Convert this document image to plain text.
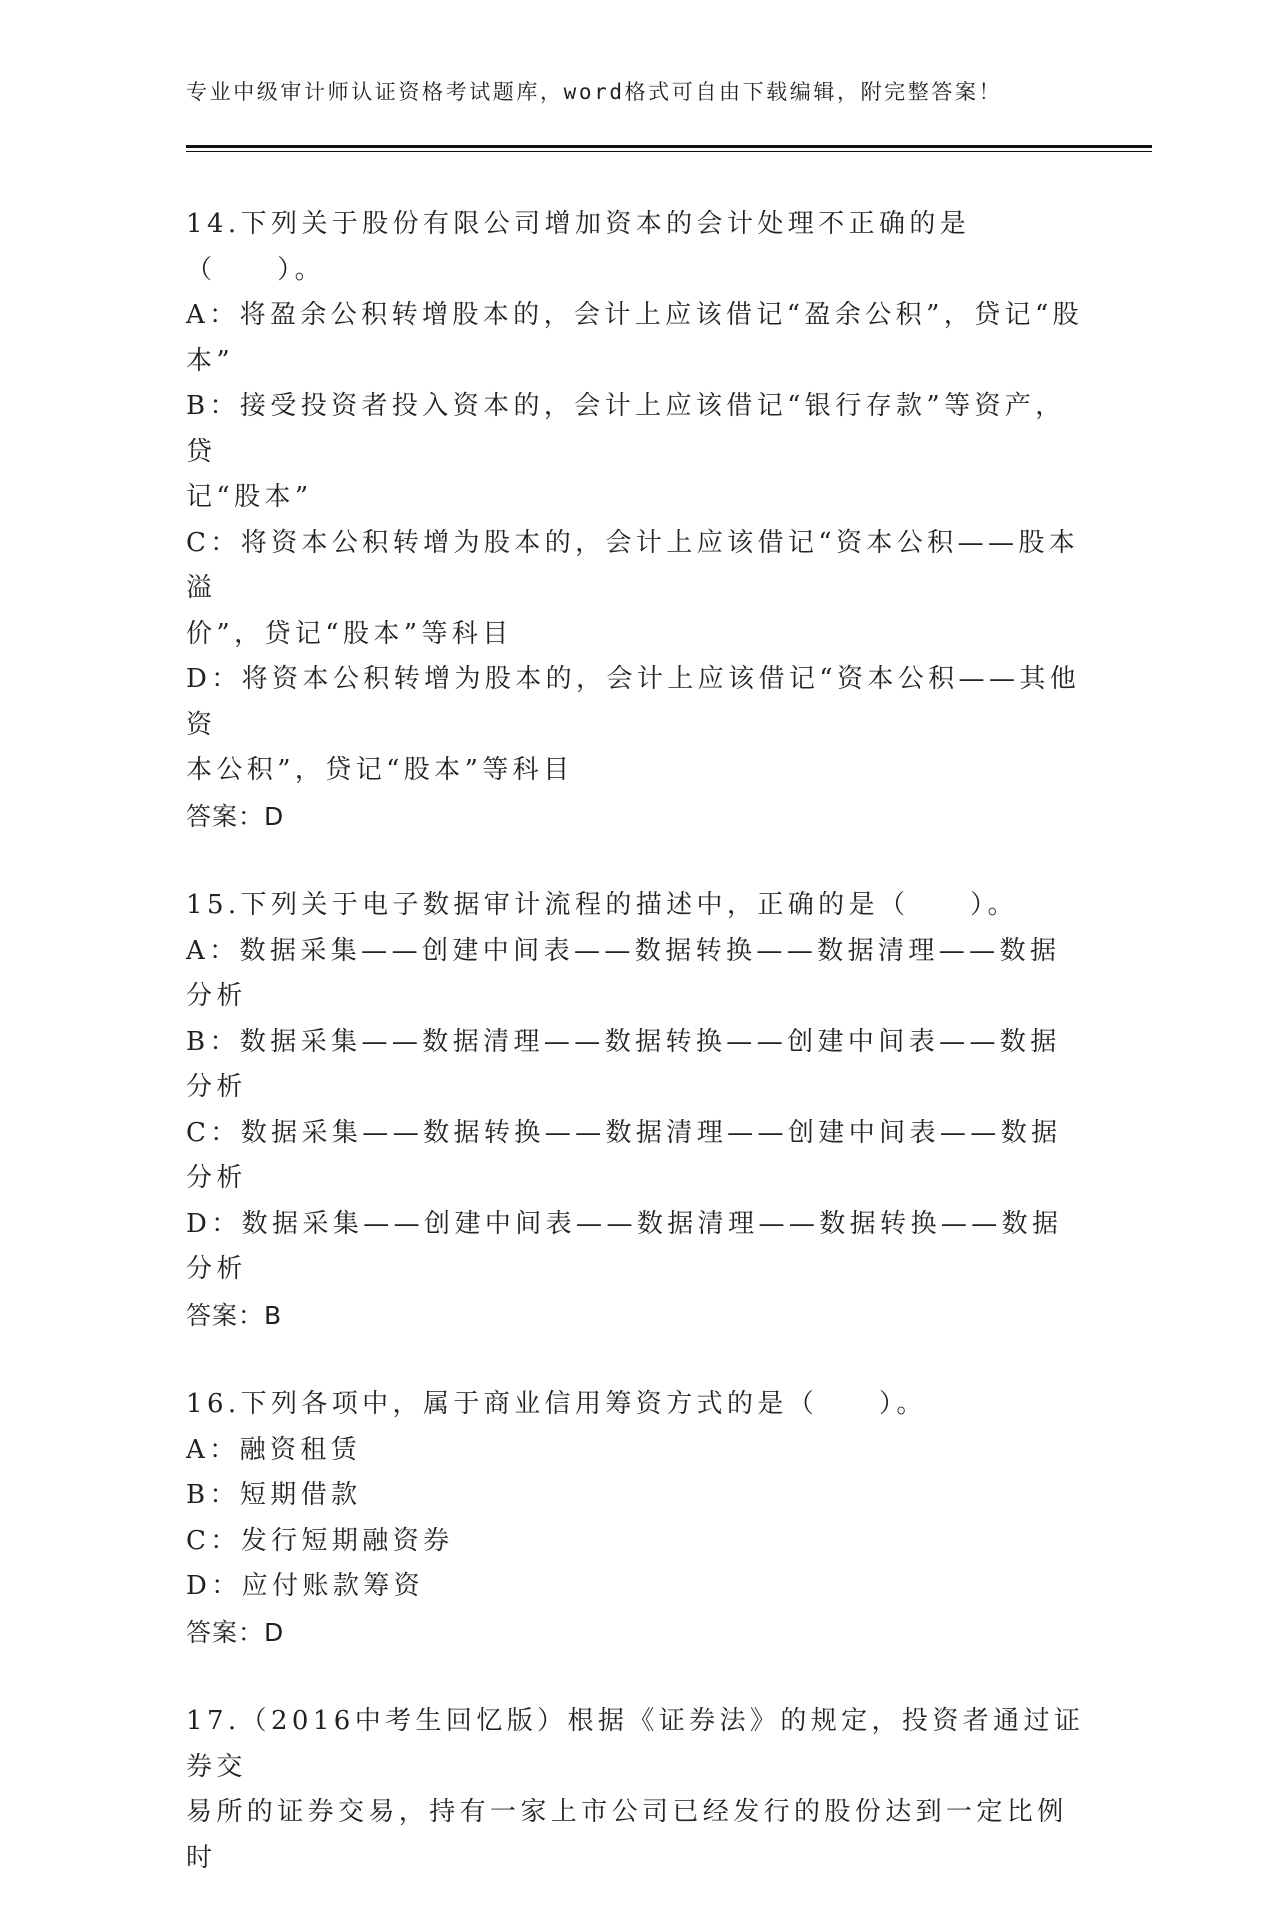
专业中级审计师认证资格考试题库，word格式可自由下载编辑，附完整答案！
14.下列关于股份有限公司增加资本的会计处理不正确的是（　　）。
A：将盈余公积转增股本的，会计上应该借记“盈余公积”，贷记“股
本”
B：接受投资者投入资本的，会计上应该借记“银行存款”等资产，贷
记“股本”
C：将资本公积转增为股本的，会计上应该借记“资本公积——股本溢
价”，贷记“股本”等科目
D：将资本公积转增为股本的，会计上应该借记“资本公积——其他资
本公积”，贷记“股本”等科目
答案：D
15.下列关于电子数据审计流程的描述中，正确的是（　　）。
A：数据采集——创建中间表——数据转换——数据清理——数据分析
B：数据采集——数据清理——数据转换——创建中间表——数据分析
C：数据采集——数据转换——数据清理——创建中间表——数据分析
D：数据采集——创建中间表——数据清理——数据转换——数据分析
答案：B
16.下列各项中，属于商业信用筹资方式的是（　　）。
A：融资租赁
B：短期借款
C：发行短期融资券
D：应付账款筹资
答案：D
17.（2016中考生回忆版）根据《证券法》的规定，投资者通过证券交
易所的证券交易，持有一家上市公司已经发行的股份达到一定比例时
